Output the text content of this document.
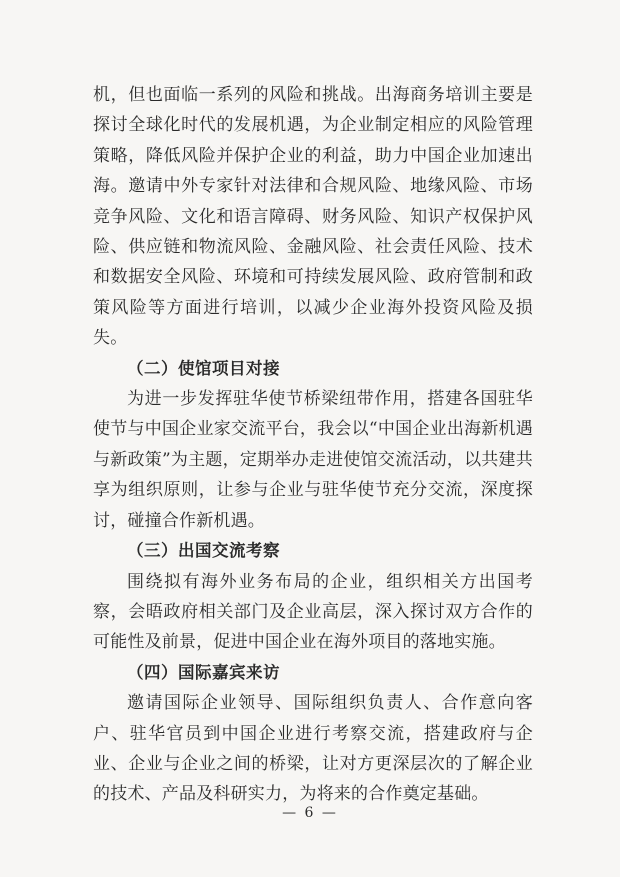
机，但也面临一系列的风险和挑战。出海商务培训主要是探讨全球化时代的发展机遇，为企业制定相应的风险管理策略，降低风险并保护企业的利益，助力中国企业加速出海。邀请中外专家针对法律和合规风险、地缘风险、市场竞争风险、文化和语言障碍、财务风险、知识产权保护风险、供应链和物流风险、金融风险、社会责任风险、技术和数据安全风险、环境和可持续发展风险、政府管制和政策风险等方面进行培训，以减少企业海外投资风险及损失。

（二）使馆项目对接

为进一步发挥驻华使节桥梁纽带作用，搭建各国驻华使节与中国企业家交流平台，我会以“中国企业出海新机遇与新政策”为主题，定期举办走进使馆交流活动，以共建共享为组织原则，让参与企业与驻华使节充分交流，深度探讨，碰撞合作新机遇。

（三）出国交流考察

围绕拟有海外业务布局的企业，组织相关方出国考察，会晤政府相关部门及企业高层，深入探讨双方合作的可能性及前景，促进中国企业在海外项目的落地实施。

（四）国际嘉宾来访

邀请国际企业领导、国际组织负责人、合作意向客户、驻华官员到中国企业进行考察交流，搭建政府与企业、企业与企业之间的桥梁，让对方更深层次的了解企业的技术、产品及科研实力，为将来的合作奠定基础。

— 6 —
